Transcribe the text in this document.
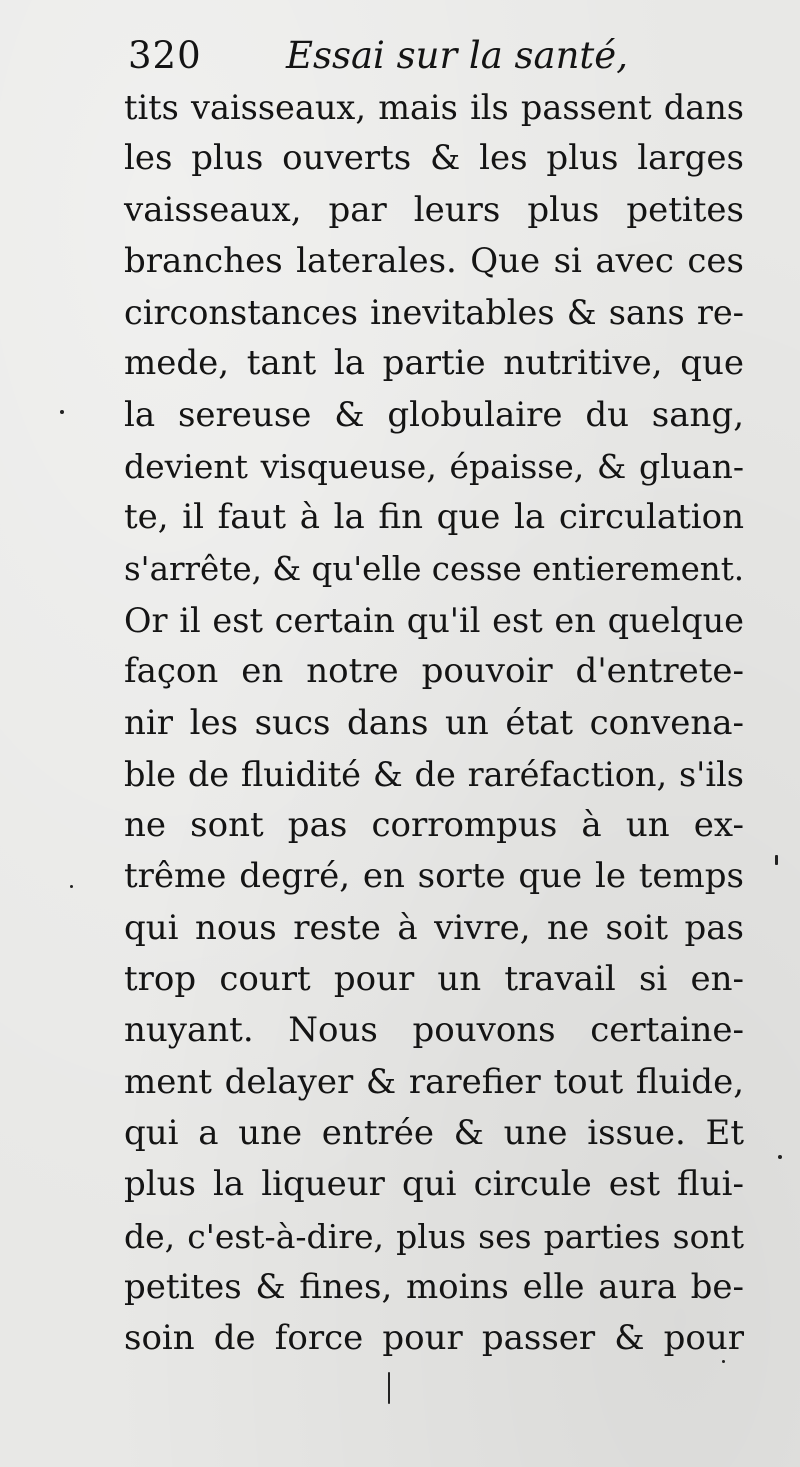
320 Essai sur la santé,
tits vaisseaux, mais ils passent dans
les plus ouverts & les plus larges
vaisseaux, par leurs plus petites
branches laterales. Que si avec ces
circonstances inevitables & sans re-
mede, tant la partie nutritive, que
la sereuse & globulaire du sang,
devient visqueuse, épaisse, & gluan-
te, il faut à la fin que la circulation
s'arrête, & qu'elle cesse entierement.
Or il est certain qu'il est en quelque
façon en notre pouvoir d'entrete-
nir les sucs dans un état convena-
ble de fluidité & de raréfaction, s'ils
ne sont pas corrompus à un ex-
trême degré, en sorte que le temps
qui nous reste à vivre, ne soit pas
trop court pour un travail si en-
nuyant. Nous pouvons certaine-
ment delayer & rarefier tout fluide,
qui a une entrée & une issue. Et
plus la liqueur qui circule est flui-
de, c'est-à-dire, plus ses parties sont
petites & fines, moins elle aura be-
soin de force pour passer & pour
